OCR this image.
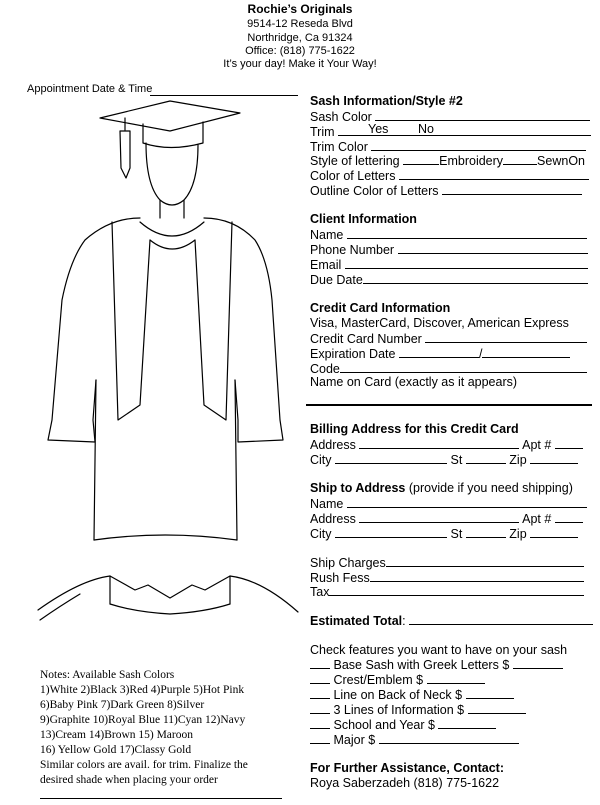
Rochie’s Originals
9514-12 Reseda Blvd
Northridge, Ca 91324
Office: (818) 775-1622
It’s your day! Make it Your Way!
Appointment Date & Time
Notes: Available Sash Colors
1)White 2)Black 3)Red 4)Purple 5)Hot Pink
6)Baby Pink 7)Dark Green 8)Silver
9)Graphite 10)Royal Blue 11)Cyan 12)Navy
13)Cream 14)Brown 15) Maroon
16) Yellow Gold 17)Classy Gold
Similar colors are avail. for trim. Finalize the
desired shade when placing your order
Sash Information/Style #2
Sash Color
Trim	Yes No
Trim Color
Style of lettering	Embroidery	SewnOn
Color of Letters
Outline Color of Letters
Client Information
Name
Phone Number
Email
Due Date
Credit Card Information
Visa, MasterCard, Discover, American Express
Credit Card Number
Expiration Date	/
Code
Name on Card (exactly as it appears)
Billing Address for this Credit Card
Address	Apt #
City	St	Zip
Ship to Address (provide if you need shipping)
Name
Address	Apt #
City	St	Zip
Ship Charges
Rush Fess
Tax
Estimated Total:
Check features you want to have on your sash
Base Sash with Greek Letters $
Crest/Emblem $
Line on Back of Neck $
3 Lines of Information $
School and Year $
Major $
For Further Assistance, Contact:
Roya Saberzadeh (818) 775-1622
